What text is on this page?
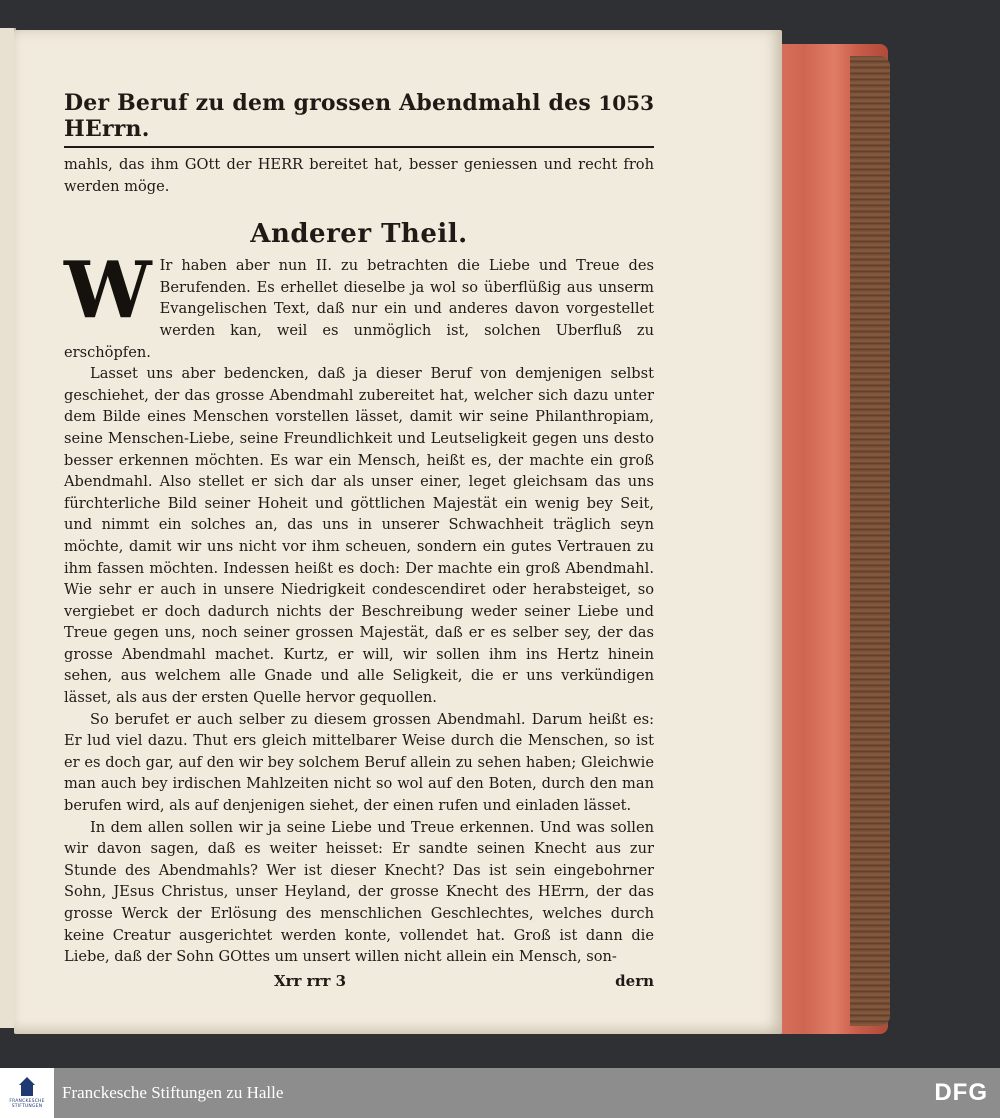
Der Beruf zu dem grossen Abendmahl des HErrn.
1053

mahls, das ihm GOtt der HERR bereitet hat, besser geniessen und recht froh werden möge.

Anderer Theil.
W Ir haben aber nun II. zu betrachten die Liebe und Treue des Berufenden. Es erhellet dieselbe ja wol so überflüßig aus unserm Evangelischen Text, daß nur ein und anderes davon vorgestellet werden kan, weil es unmöglich ist, solchen Uberfluß zu erschöpfen.

Lasset uns aber bedencken, daß ja dieser Beruf von demjenigen selbst geschiehet, der das grosse Abendmahl zubereitet hat, welcher sich dazu unter dem Bilde eines Menschen vorstellen lässet, damit wir seine Philanthropiam, seine Menschen-Liebe, seine Freundlichkeit und Leutseligkeit gegen uns desto besser erkennen möchten. Es war ein Mensch, heißt es, der machte ein groß Abendmahl. Also stellet er sich dar als unser einer, leget gleichsam das uns fürchterliche Bild seiner Hoheit und göttlichen Majestät ein wenig bey Seit, und nimmt ein solches an, das uns in unserer Schwachheit träglich seyn möchte, damit wir uns nicht vor ihm scheuen, sondern ein gutes Vertrauen zu ihm fassen möchten. Indessen heißt es doch: Der machte ein groß Abendmahl. Wie sehr er auch in unsere Niedrigkeit condescendiret oder herabsteiget, so vergiebet er doch dadurch nichts der Beschreibung weder seiner Liebe und Treue gegen uns, noch seiner grossen Majestät, daß er es selber sey, der das grosse Abendmahl machet. Kurtz, er will, wir sollen ihm ins Hertz hinein sehen, aus welchem alle Gnade und alle Seligkeit, die er uns verkündigen lässet, als aus der ersten Quelle hervor gequollen.

So berufet er auch selber zu diesem grossen Abendmahl. Darum heißt es: Er lud viel dazu. Thut ers gleich mittelbarer Weise durch die Menschen, so ist er es doch gar, auf den wir bey solchem Beruf allein zu sehen haben; Gleichwie man auch bey irdischen Mahlzeiten nicht so wol auf den Boten, durch den man berufen wird, als auf denjenigen siehet, der einen rufen und einladen lässet.

In dem allen sollen wir ja seine Liebe und Treue erkennen. Und was sollen wir davon sagen, daß es weiter heisset: Er sandte seinen Knecht aus zur Stunde des Abendmahls? Wer ist dieser Knecht? Das ist sein eingebohrner Sohn, JEsus Christus, unser Heyland, der grosse Knecht des HErrn, der das grosse Werck der Erlösung des menschlichen Geschlechtes, welches durch keine Creatur ausgerichtet werden konte, vollendet hat. Groß ist dann die Liebe, daß der Sohn GOttes um unsert willen nicht allein ein Mensch, son-

Xrr rrr 3	dern
FRANCKESCHE
STIFTUNGEN
Franckesche Stiftungen zu Halle	DFG
